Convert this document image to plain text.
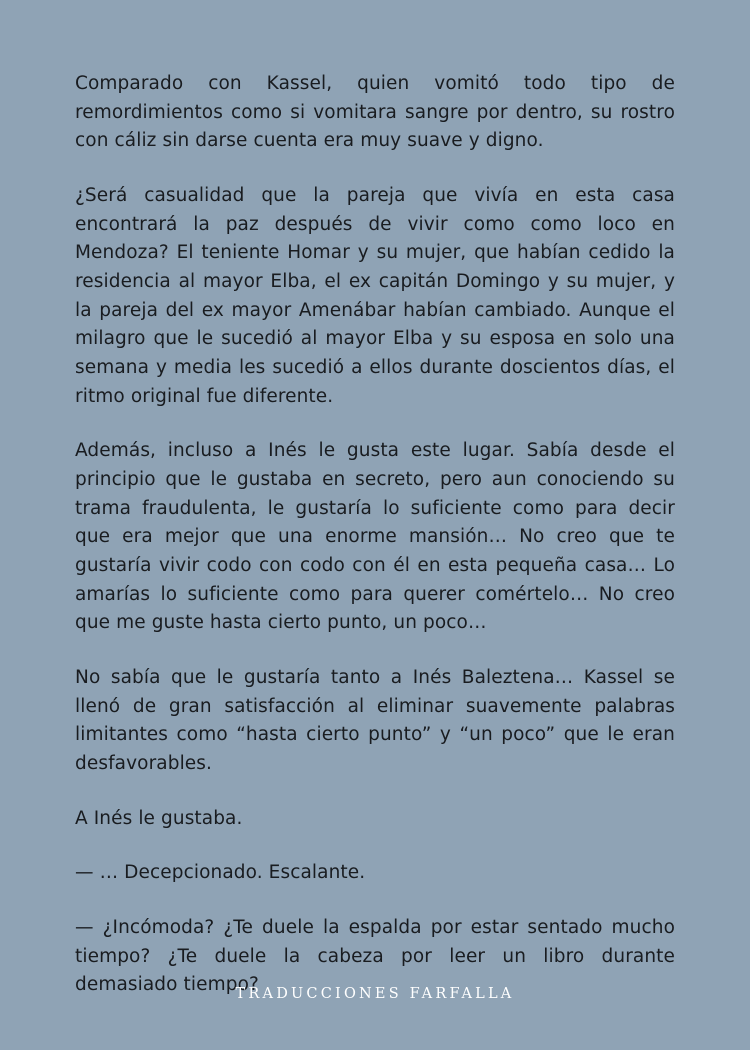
Comparado con Kassel, quien vomitó todo tipo de remordimientos como si vomitara sangre por dentro, su rostro con cáliz sin darse cuenta era muy suave y digno.

¿Será casualidad que la pareja que vivía en esta casa encontrará la paz después de vivir como como loco en Mendoza? El teniente Homar y su mujer, que habían cedido la residencia al mayor Elba, el ex capitán Domingo y su mujer, y la pareja del ex mayor Amenábar habían cambiado. Aunque el milagro que le sucedió al mayor Elba y su esposa en solo una semana y media les sucedió a ellos durante doscientos días, el ritmo original fue diferente.

Además, incluso a Inés le gusta este lugar. Sabía desde el principio que le gustaba en secreto, pero aun conociendo su trama fraudulenta, le gustaría lo suficiente como para decir que era mejor que una enorme mansión… No creo que te gustaría vivir codo con codo con él en esta pequeña casa… Lo amarías lo suficiente como para querer comértelo… No creo que me guste hasta cierto punto, un poco…

No sabía que le gustaría tanto a Inés Baleztena… Kassel se llenó de gran satisfacción al eliminar suavemente palabras limitantes como “hasta cierto punto” y “un poco” que le eran desfavorables.

A Inés le gustaba.

— … Decepcionado. Escalante.

— ¿Incómoda? ¿Te duele la espalda por estar sentado mucho tiempo? ¿Te duele la cabeza por leer un libro durante demasiado tiempo?

TRADUCCIONES FARFALLA
